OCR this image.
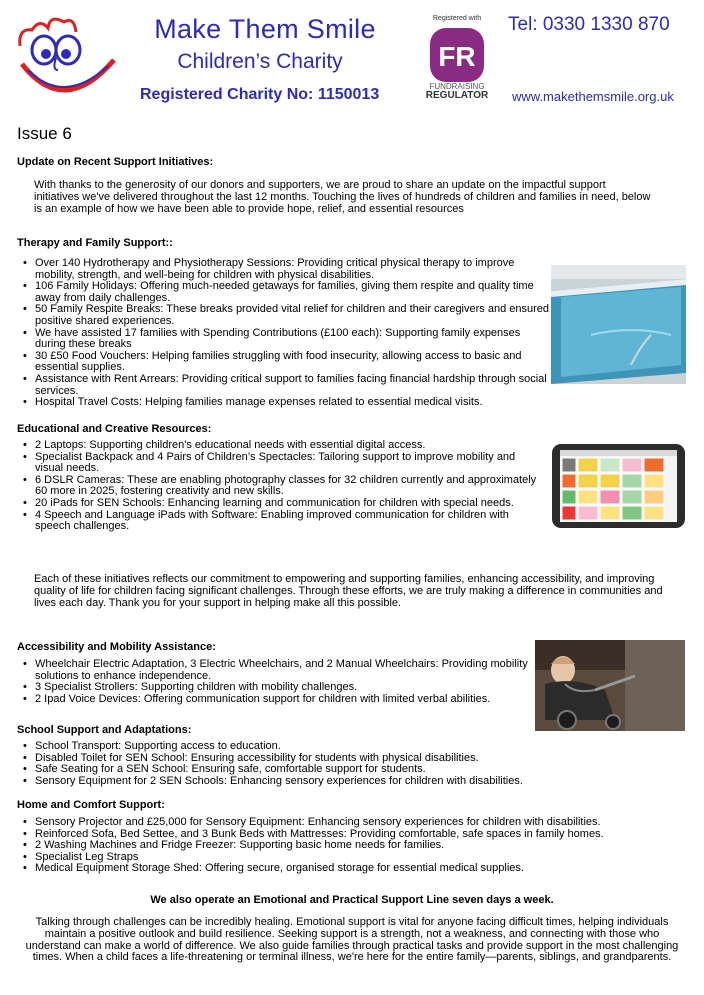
Make Them Smile
Children’s Charity
Registered Charity No: 1150013
FR
Registered with
FUNDRAISING
REGULATOR
Tel: 0330 1330 870
www.makethemsmile.org.uk
Issue 6
Update on Recent Support Initiatives:
With thanks to the generosity of our donors and supporters, we are proud to share an update on the impactful support initiatives we've delivered throughout the last 12 months. Touching the lives of hundreds of children and families in need, below is an example of how we have been able to provide hope, relief, and essential resources
Therapy and Family Support::
• Over 140 Hydrotherapy and Physiotherapy Sessions: Providing critical physical therapy to improve mobility, strength, and well-being for children with physical disabilities.
• 106 Family Holidays: Offering much-needed getaways for families, giving them respite and quality time away from daily challenges.
• 50 Family Respite Breaks: These breaks provided vital relief for children and their caregivers and ensured positive shared experiences.
• We have assisted 17 families with Spending Contributions (£100 each): Supporting family expenses during these breaks
• 30 £50 Food Vouchers: Helping families struggling with food insecurity, allowing access to basic and essential supplies.
• Assistance with Rent Arrears: Providing critical support to families facing financial hardship through social services.
• Hospital Travel Costs: Helping families manage expenses related to essential medical visits.
Educational and Creative Resources:
• 2 Laptops: Supporting children's educational needs with essential digital access.
• Specialist Backpack and 4 Pairs of Children’s Spectacles: Tailoring support to improve mobility and visual needs.
• 6 DSLR Cameras: These are enabling photography classes for 32 children currently and approximately 60 more in 2025, fostering creativity and new skills.
• 20 iPads for SEN Schools: Enhancing learning and communication for children with special needs.
• 4 Speech and Language iPads with Software: Enabling improved communication for children with speech challenges.
Each of these initiatives reflects our commitment to empowering and supporting families, enhancing accessibility, and improving quality of life for children facing significant challenges. Through these efforts, we are truly making a difference in communities and lives each day. Thank you for your support in helping make all this possible.
Accessibility and Mobility Assistance:
• Wheelchair Electric Adaptation, 3 Electric Wheelchairs, and 2 Manual Wheelchairs: Providing mobility solutions to enhance independence.
• 3 Specialist Strollers: Supporting children with mobility challenges.
• 2 Ipad Voice Devices: Offering communication support for children with limited verbal abilities.
School Support and Adaptations:
• School Transport: Supporting access to education.
• Disabled Toilet for SEN School: Ensuring accessibility for students with physical disabilities.
• Safe Seating for a SEN School: Ensuring safe, comfortable support for students.
• Sensory Equipment for 2 SEN Schools: Enhancing sensory experiences for children with disabilities.
Home and Comfort Support:
• Sensory Projector and £25,000 for Sensory Equipment: Enhancing sensory experiences for children with disabilities.
• Reinforced Sofa, Bed Settee, and 3 Bunk Beds with Mattresses: Providing comfortable, safe spaces in family homes.
• 2 Washing Machines and Fridge Freezer: Supporting basic home needs for families.
• Specialist Leg Straps
• Medical Equipment Storage Shed: Offering secure, organised storage for essential medical supplies.
We also operate an Emotional and Practical Support Line seven days a week.
Talking through challenges can be incredibly healing. Emotional support is vital for anyone facing difficult times, helping individuals maintain a positive outlook and build resilience. Seeking support is a strength, not a weakness, and connecting with those who understand can make a world of difference. We also guide families through practical tasks and provide support in the most challenging times. When a child faces a life-threatening or terminal illness, we're here for the entire family—parents, siblings, and grandparents.
